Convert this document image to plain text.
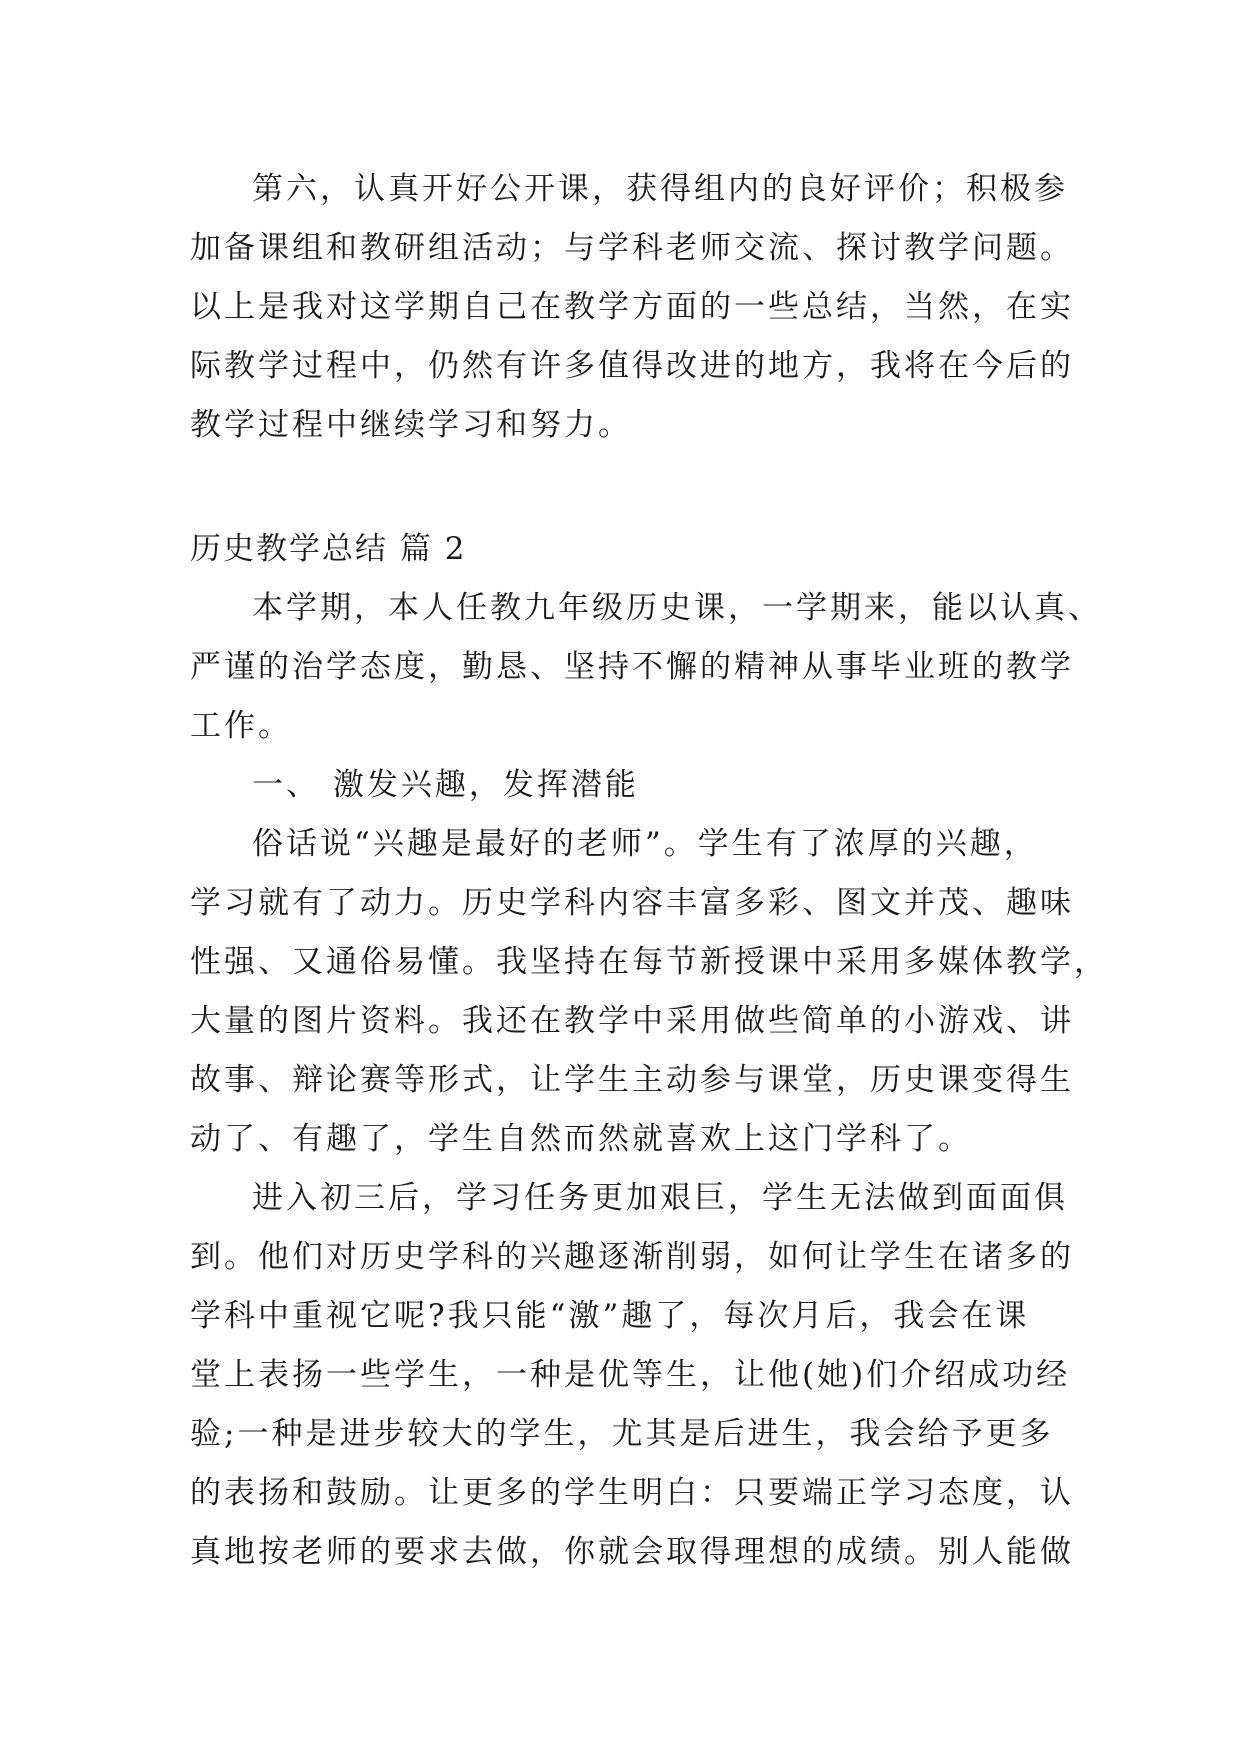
第六，认真开好公开课，获得组内的良好评价；积极参
加备课组和教研组活动；与学科老师交流、探讨教学问题。
以上是我对这学期自己在教学方面的一些总结，当然，在实
际教学过程中，仍然有许多值得改进的地方，我将在今后的
教学过程中继续学习和努力。
历史教学总结 篇 2
本学期，本人任教九年级历史课，一学期来，能以认真、
严谨的治学态度，勤恳、坚持不懈的精神从事毕业班的教学
工作。
一、 激发兴趣，发挥潜能
俗话说“兴趣是最好的老师”。学生有了浓厚的兴趣，
学习就有了动力。历史学科内容丰富多彩、图文并茂、趣味
性强、又通俗易懂。我坚持在每节新授课中采用多媒体教学，
大量的图片资料。我还在教学中采用做些简单的小游戏、讲
故事、辩论赛等形式，让学生主动参与课堂，历史课变得生
动了、有趣了，学生自然而然就喜欢上这门学科了。
进入初三后，学习任务更加艰巨，学生无法做到面面俱
到。他们对历史学科的兴趣逐渐削弱，如何让学生在诸多的
学科中重视它呢?我只能“激”趣了，每次月后，我会在课
堂上表扬一些学生，一种是优等生，让他(她)们介绍成功经
验;一种是进步较大的学生，尤其是后进生，我会给予更多
的表扬和鼓励。让更多的学生明白：只要端正学习态度，认
真地按老师的要求去做，你就会取得理想的成绩。别人能做
